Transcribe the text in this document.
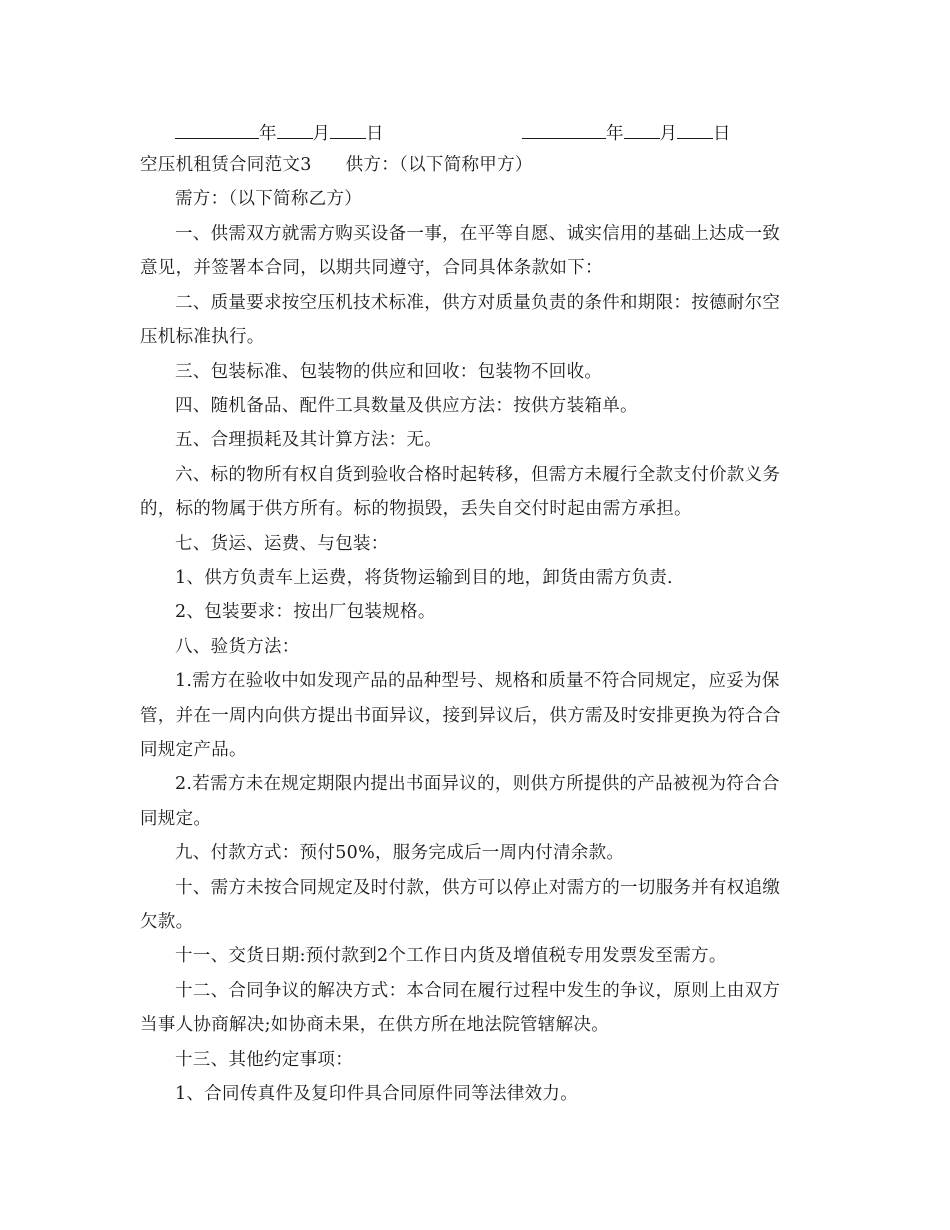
年 月 日	年 月 日
空压机租赁合同范文3 供方：（以下简称甲方）
需方：（以下简称乙方）
一、供需双方就需方购买设备一事，在平等自愿、诚实信用的基础上达成一致
意见，并签署本合同，以期共同遵守，合同具体条款如下：
二、质量要求按空压机技术标准，供方对质量负责的条件和期限：按德耐尔空
压机标准执行。
三、包装标准、包装物的供应和回收：包装物不回收。
四、随机备品、配件工具数量及供应方法：按供方装箱单。
五、合理损耗及其计算方法：无。
六、标的物所有权自货到验收合格时起转移，但需方未履行全款支付价款义务
的，标的物属于供方所有。标的物损毁，丢失自交付时起由需方承担。
七、货运、运费、与包装：
1、供方负责车上运费，将货物运输到目的地，卸货由需方负责.
2、包装要求：按出厂包装规格。
八、验货方法：
1.需方在验收中如发现产品的品种型号、规格和质量不符合同规定，应妥为保
管，并在一周内向供方提出书面异议，接到异议后，供方需及时安排更换为符合合
同规定产品。
2.若需方未在规定期限内提出书面异议的，则供方所提供的产品被视为符合合
同规定。
九、付款方式：预付50%，服务完成后一周内付清余款。
十、需方未按合同规定及时付款，供方可以停止对需方的一切服务并有权追缴
欠款。
十一、交货日期:预付款到2个工作日内货及增值税专用发票发至需方。
十二、合同争议的解决方式：本合同在履行过程中发生的争议，原则上由双方
当事人协商解决;如协商未果，在供方所在地法院管辖解决。
十三、其他约定事项：
1、合同传真件及复印件具合同原件同等法律效力。
